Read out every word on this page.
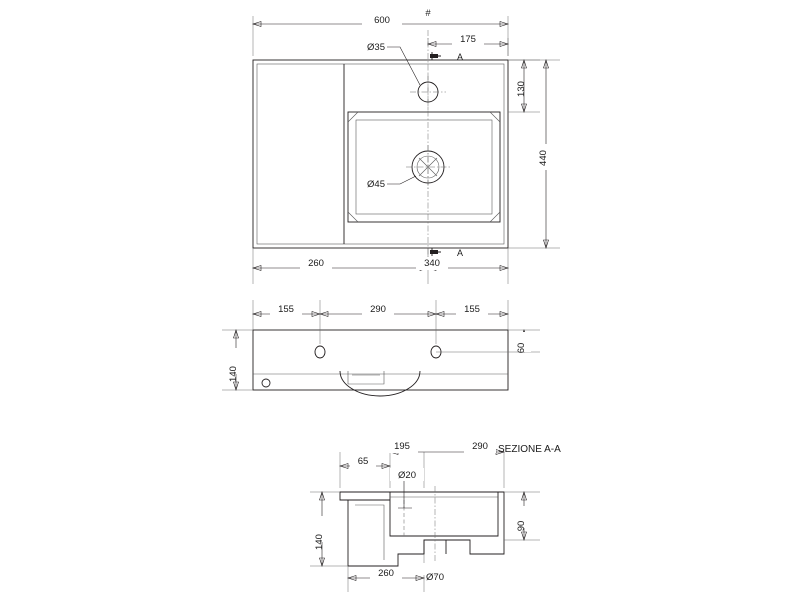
A
A
600
#
175
Ø35
Ø45
130
440
260	340
155	290	155
140
60
SEZIONE A-A
65
195	290
Ø20
140
90
260	Ø70
